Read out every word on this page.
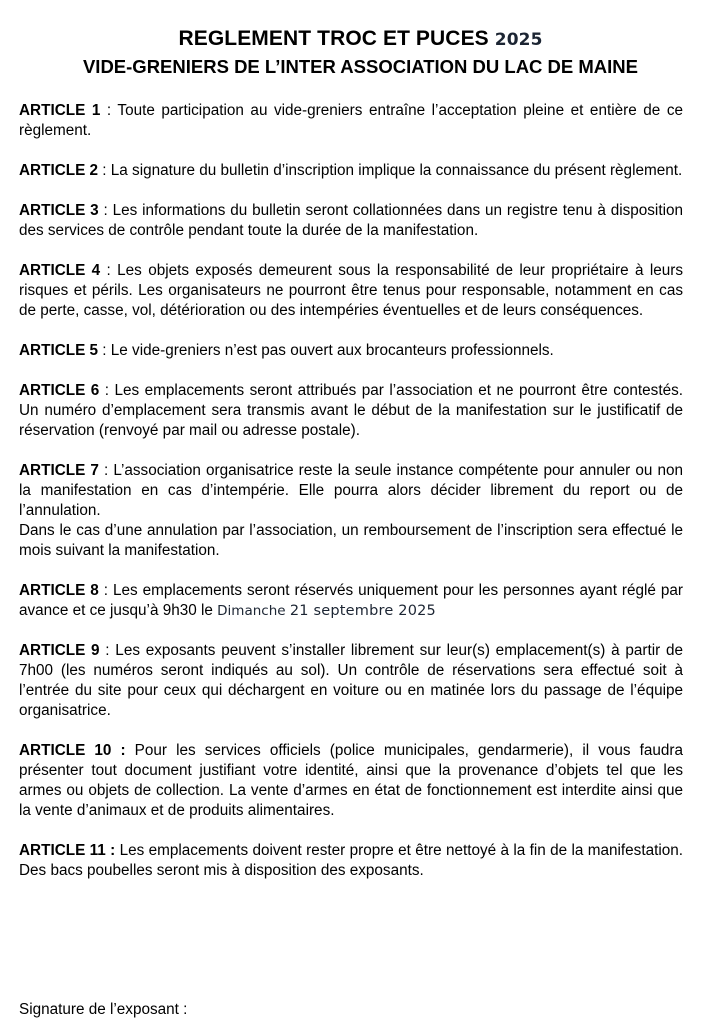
REGLEMENT TROC ET PUCES 2025
VIDE-GRENIERS DE L’INTER ASSOCIATION DU LAC DE MAINE

ARTICLE 1 : Toute participation au vide-greniers entraîne l’acceptation pleine et entière de ce règlement.

ARTICLE 2 : La signature du bulletin d’inscription implique la connaissance du présent règlement.

ARTICLE 3 : Les informations du bulletin seront collationnées dans un registre tenu à disposition des services de contrôle pendant toute la durée de la manifestation.

ARTICLE 4 : Les objets exposés demeurent sous la responsabilité de leur propriétaire à leurs risques et périls. Les organisateurs ne pourront être tenus pour responsable, notamment en cas de perte, casse, vol, détérioration ou des intempéries éventuelles et de leurs conséquences.

ARTICLE 5 : Le vide-greniers n’est pas ouvert aux brocanteurs professionnels.

ARTICLE 6 : Les emplacements seront attribués par l’association et ne pourront être contestés. Un numéro d’emplacement sera transmis avant le début de la manifestation sur le justificatif de réservation (renvoyé par mail ou adresse postale).

ARTICLE 7 : L’association organisatrice reste la seule instance compétente pour annuler ou non la manifestation en cas d’intempérie. Elle pourra alors décider librement du report ou de l’annulation.

Dans le cas d’une annulation par l’association, un remboursement de l’inscription sera effectué le mois suivant la manifestation.

ARTICLE 8 : Les emplacements seront réservés uniquement pour les personnes ayant réglé par avance et ce jusqu’à 9h30 le Dimanche 21 septembre 2025

ARTICLE 9 : Les exposants peuvent s’installer librement sur leur(s) emplacement(s) à partir de 7h00 (les numéros seront indiqués au sol). Un contrôle de réservations sera effectué soit à l’entrée du site pour ceux qui déchargent en voiture ou en matinée lors du passage de l’équipe organisatrice.

ARTICLE 10 : Pour les services officiels (police municipales, gendarmerie), il vous faudra présenter tout document justifiant votre identité, ainsi que la provenance d’objets tel que les armes ou objets de collection. La vente d’armes en état de fonctionnement est interdite ainsi que la vente d’animaux et de produits alimentaires.

ARTICLE 11 : Les emplacements doivent rester propre et être nettoyé à la fin de la manifestation. Des bacs poubelles seront mis à disposition des exposants.

Signature de l’exposant :
